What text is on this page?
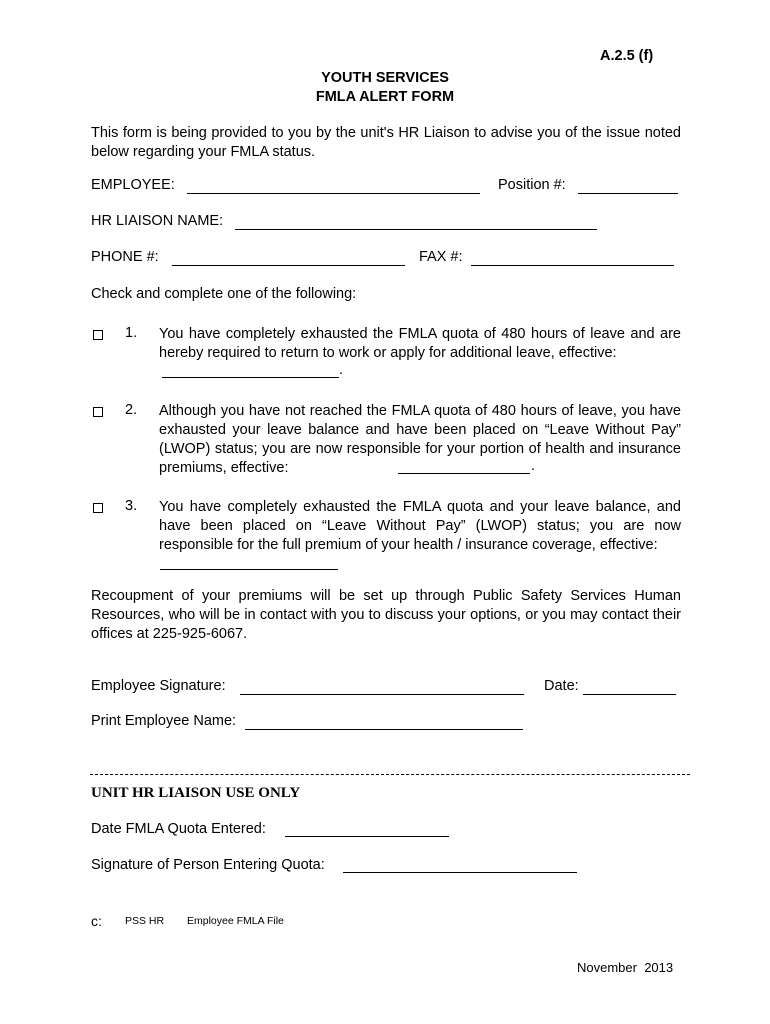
A.2.5 (f)
YOUTH SERVICES
FMLA ALERT FORM
This form is being provided to you by the unit's HR Liaison to advise you of the issue noted below regarding your FMLA status.
EMPLOYEE:	Position #:
HR LIAISON NAME:
PHONE #:	FAX #:
Check and complete one of the following:
1. You have completely exhausted the FMLA quota of 480 hours of leave and are hereby required to return to work or apply for additional leave, effective:
.
2. Although you have not reached the FMLA quota of 480 hours of leave, you have exhausted your leave balance and have been placed on “Leave Without Pay” (LWOP) status; you are now responsible for your portion of health and insurance premiums, effective:	.
3. You have completely exhausted the FMLA quota and your leave balance, and have been placed on “Leave Without Pay” (LWOP) status; you are now responsible for the full premium of your health / insurance coverage, effective:
Recoupment of your premiums will be set up through Public Safety Services Human Resources, who will be in contact with you to discuss your options, or you may contact their offices at 225-925-6067.
Employee Signature:	Date:
Print Employee Name:
UNIT HR LIAISON USE ONLY
Date FMLA Quota Entered:
Signature of Person Entering Quota:
c: PSS HR Employee FMLA File
November  2013
